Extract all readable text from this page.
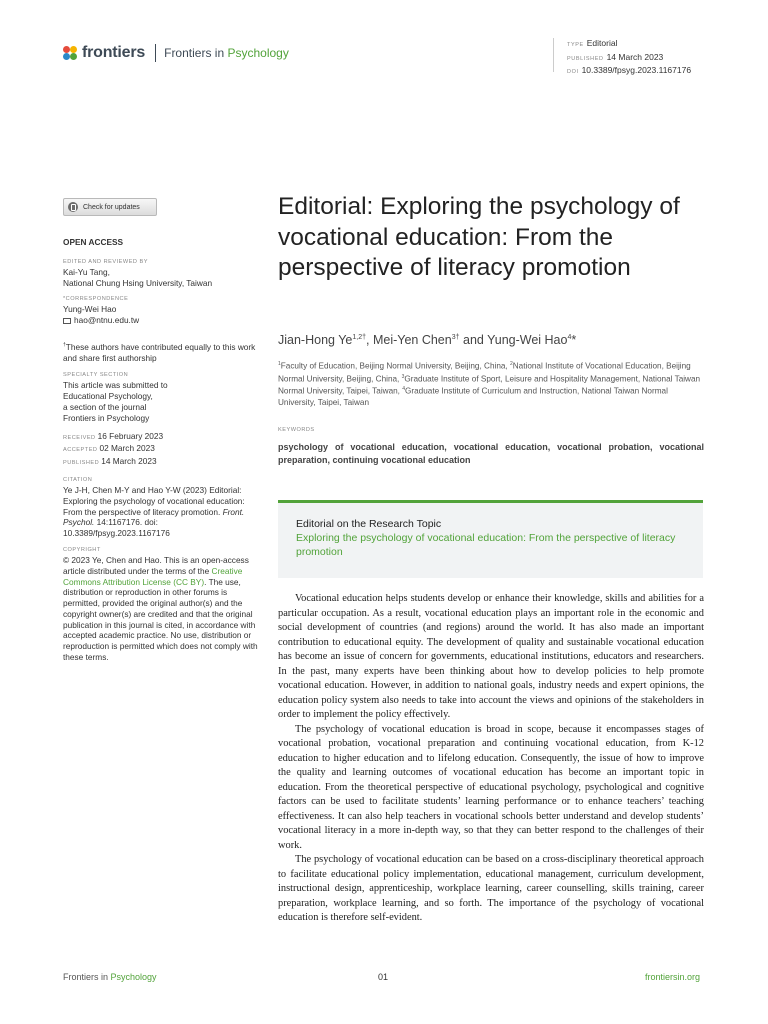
frontiers Frontiers in Psychology
TYPE Editorial
PUBLISHED 14 March 2023
DOI 10.3389/fpsyg.2023.1167176
Check for updates
OPEN ACCESS
EDITED AND REVIEWED BY
Kai-Yu Tang,
National Chung Hsing University, Taiwan
*CORRESPONDENCE
Yung-Wei Hao
hao@ntnu.edu.tw
†These authors have contributed equally to this work and share first authorship
SPECIALTY SECTION
This article was submitted to
Educational Psychology,
a section of the journal
Frontiers in Psychology
RECEIVED 16 February 2023
ACCEPTED 02 March 2023
PUBLISHED 14 March 2023
CITATION
Ye J-H, Chen M-Y and Hao Y-W (2023) Editorial: Exploring the psychology of vocational education: From the perspective of literacy promotion. Front. Psychol. 14:1167176. doi: 10.3389/fpsyg.2023.1167176
COPYRIGHT
© 2023 Ye, Chen and Hao. This is an open-access article distributed under the terms of the Creative Commons Attribution License (CC BY). The use, distribution or reproduction in other forums is permitted, provided the original author(s) and the copyright owner(s) are credited and that the original publication in this journal is cited, in accordance with accepted academic practice. No use, distribution or reproduction is permitted which does not comply with these terms.
Editorial: Exploring the psychology of vocational education: From the perspective of literacy promotion
Jian-Hong $Ye^{1,2\dagger}$, Mei-Yen Chen$^{3\dagger}$ and Yung-Wei Hao$^4$*
$^1$Faculty of Education, Beijing Normal University, Beijing, China, $^2$National Institute of Vocational Education, Beijing Normal University, Beijing, China, $^3$Graduate Institute of Sport, Leisure and Hospitality Management, National Taiwan Normal University, Taipei, Taiwan, $^4$Graduate Institute of Curriculum and Instruction, National Taiwan Normal University, Taipei, Taiwan
KEYWORDS
psychology of vocational education, vocational education, vocational probation, vocational preparation, continuing vocational education
Editorial on the Research Topic
Exploring the psychology of vocational education: From the perspective of literacy promotion

Vocational education helps students develop or enhance their knowledge, skills and abilities for a particular occupation. As a result, vocational education plays an important role in the economic and social development of countries (and regions) around the world. It has also made an important contribution to educational equity. The development of quality and sustainable vocational education has become an issue of concern for governments, educational institutions, educators and researchers. In the past, many experts have been thinking about how to develop policies to help promote vocational education. However, in addition to national goals, industry needs and expert opinions, the education policy system also needs to take into account the views and opinions of the stakeholders in order to implement the policy effectively.

The psychology of vocational education is broad in scope, because it encompasses stages of vocational probation, vocational preparation and continuing vocational education, from K-12 education to higher education and to lifelong education. Consequently, the issue of how to improve the quality and learning outcomes of vocational education has become an important topic in education. From the theoretical perspective of educational psychology, psychological and cognitive factors can be used to facilitate students’ learning performance or to enhance teachers’ teaching effectiveness. It can also help teachers in vocational schools better understand and develop students’ vocational literacy in a more in-depth way, so that they can better respond to the challenges of their work.

The psychology of vocational education can be based on a cross-disciplinary theoretical approach to facilitate educational policy implementation, educational management, curriculum development, instructional design, apprenticeship, workplace learning, career counselling, skills training, career preparation, workplace learning, and so forth. The importance of the psychology of vocational education is therefore self-evident.

Frontiers in Psychology	01	frontiersin.org
